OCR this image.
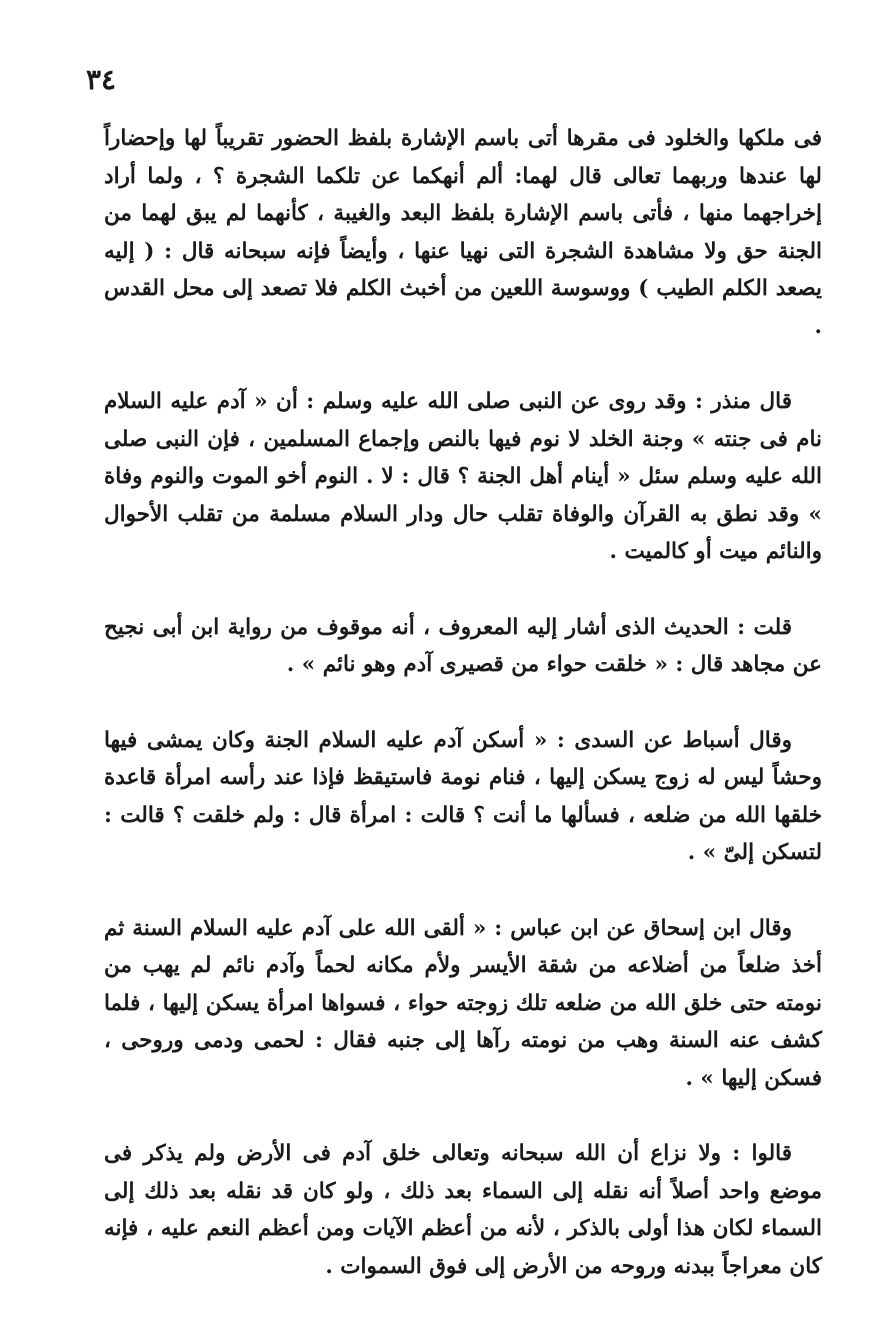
٣٤

فى ملكها والخلود فى مقرها أتى باسم الإشارة بلفظ الحضور تقريباً لها وإحضاراً لها عندها وربهما تعالى قال لهما: ألم أنهكما عن تلكما الشجرة ؟ ، ولما أراد إخراجهما منها ، فأتى باسم الإشارة بلفظ البعد والغيبة ، كأنهما لم يبق لهما من الجنة حق ولا مشاهدة الشجرة التى نهيا عنها ، وأيضاً فإنه سبحانه قال : ( إليه يصعد الكلم الطيب ) ووسوسة اللعين من أخبث الكلم فلا تصعد إلى محل القدس .

قال منذر : وقد روى عن النبى صلى الله عليه وسلم : أن « آدم عليه السلام نام فى جنته » وجنة الخلد لا نوم فيها بالنص وإجماع المسلمين ، فإن النبى صلى الله عليه وسلم سئل « أينام أهل الجنة ؟ قال : لا . النوم أخو الموت والنوم وفاة » وقد نطق به القرآن والوفاة تقلب حال ودار السلام مسلمة من تقلب الأحوال والنائم ميت أو كالميت .

قلت : الحديث الذى أشار إليه المعروف ، أنه موقوف من رواية ابن أبى نجيح عن مجاهد قال : « خلقت حواء من قصيرى آدم وهو نائم » .

وقال أسباط عن السدى : « أسكن آدم عليه السلام الجنة وكان يمشى فيها وحشاً ليس له زوج يسكن إليها ، فنام نومة فاستيقظ فإذا عند رأسه امرأة قاعدة خلقها الله من ضلعه ، فسألها ما أنت ؟ قالت : امرأة قال : ولم خلقت ؟ قالت : لتسكن إلىّ » .

وقال ابن إسحاق عن ابن عباس : « ألقى الله على آدم عليه السلام السنة ثم أخذ ضلعاً من أضلاعه من شقة الأيسر ولأم مكانه لحماً وآدم نائم لم يهب من نومته حتى خلق الله من ضلعه تلك زوجته حواء ، فسواها امرأة يسكن إليها ، فلما كشف عنه السنة وهب من نومته رآها إلى جنبه فقال : لحمى ودمى وروحى ، فسكن إليها » .

قالوا : ولا نزاع أن الله سبحانه وتعالى خلق آدم فى الأرض ولم يذكر فى موضع واحد أصلاً أنه نقله إلى السماء بعد ذلك ، ولو كان قد نقله بعد ذلك إلى السماء لكان هذا أولى بالذكر ، لأنه من أعظم الآيات ومن أعظم النعم عليه ، فإنه كان معراجاً ببدنه وروحه من الأرض إلى فوق السموات .
